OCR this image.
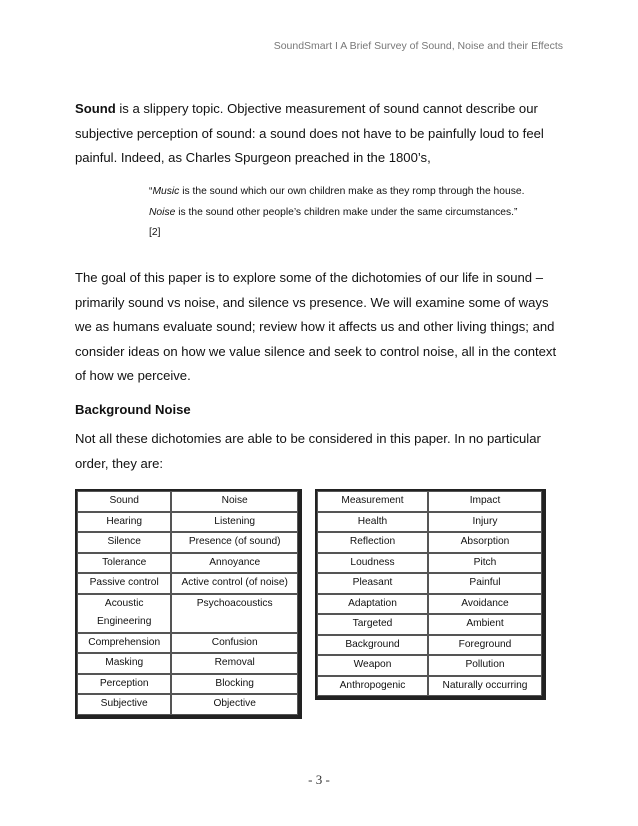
SoundSmart I A Brief Survey of Sound, Noise and their Effects
Sound is a slippery topic. Objective measurement of sound cannot describe our subjective perception of sound: a sound does not have to be painfully loud to feel painful. Indeed, as Charles Spurgeon preached in the 1800’s,
“Music is the sound which our own children make as they romp through the house. Noise is the sound other people’s children make under the same circumstances.” [2]
The goal of this paper is to explore some of the dichotomies of our life in sound – primarily sound vs noise, and silence vs presence. We will examine some of ways we as humans evaluate sound; review how it affects us and other living things; and consider ideas on how we value silence and seek to control noise, all in the context of how we perceive.
Background Noise
Not all these dichotomies are able to be considered in this paper. In no particular order, they are:
Sound	Noise
Hearing	Listening
Silence	Presence (of sound)
Tolerance	Annoyance
Passive control	Active control (of noise)
Acoustic Engineering	Psychoacoustics
Comprehension	Confusion
Masking	Removal
Perception	Blocking
Subjective	Objective
Measurement	Impact
Health	Injury
Reflection	Absorption
Loudness	Pitch
Pleasant	Painful
Adaptation	Avoidance
Targeted	Ambient
Background	Foreground
Weapon	Pollution
Anthropogenic	Naturally occurring
- 3 -
